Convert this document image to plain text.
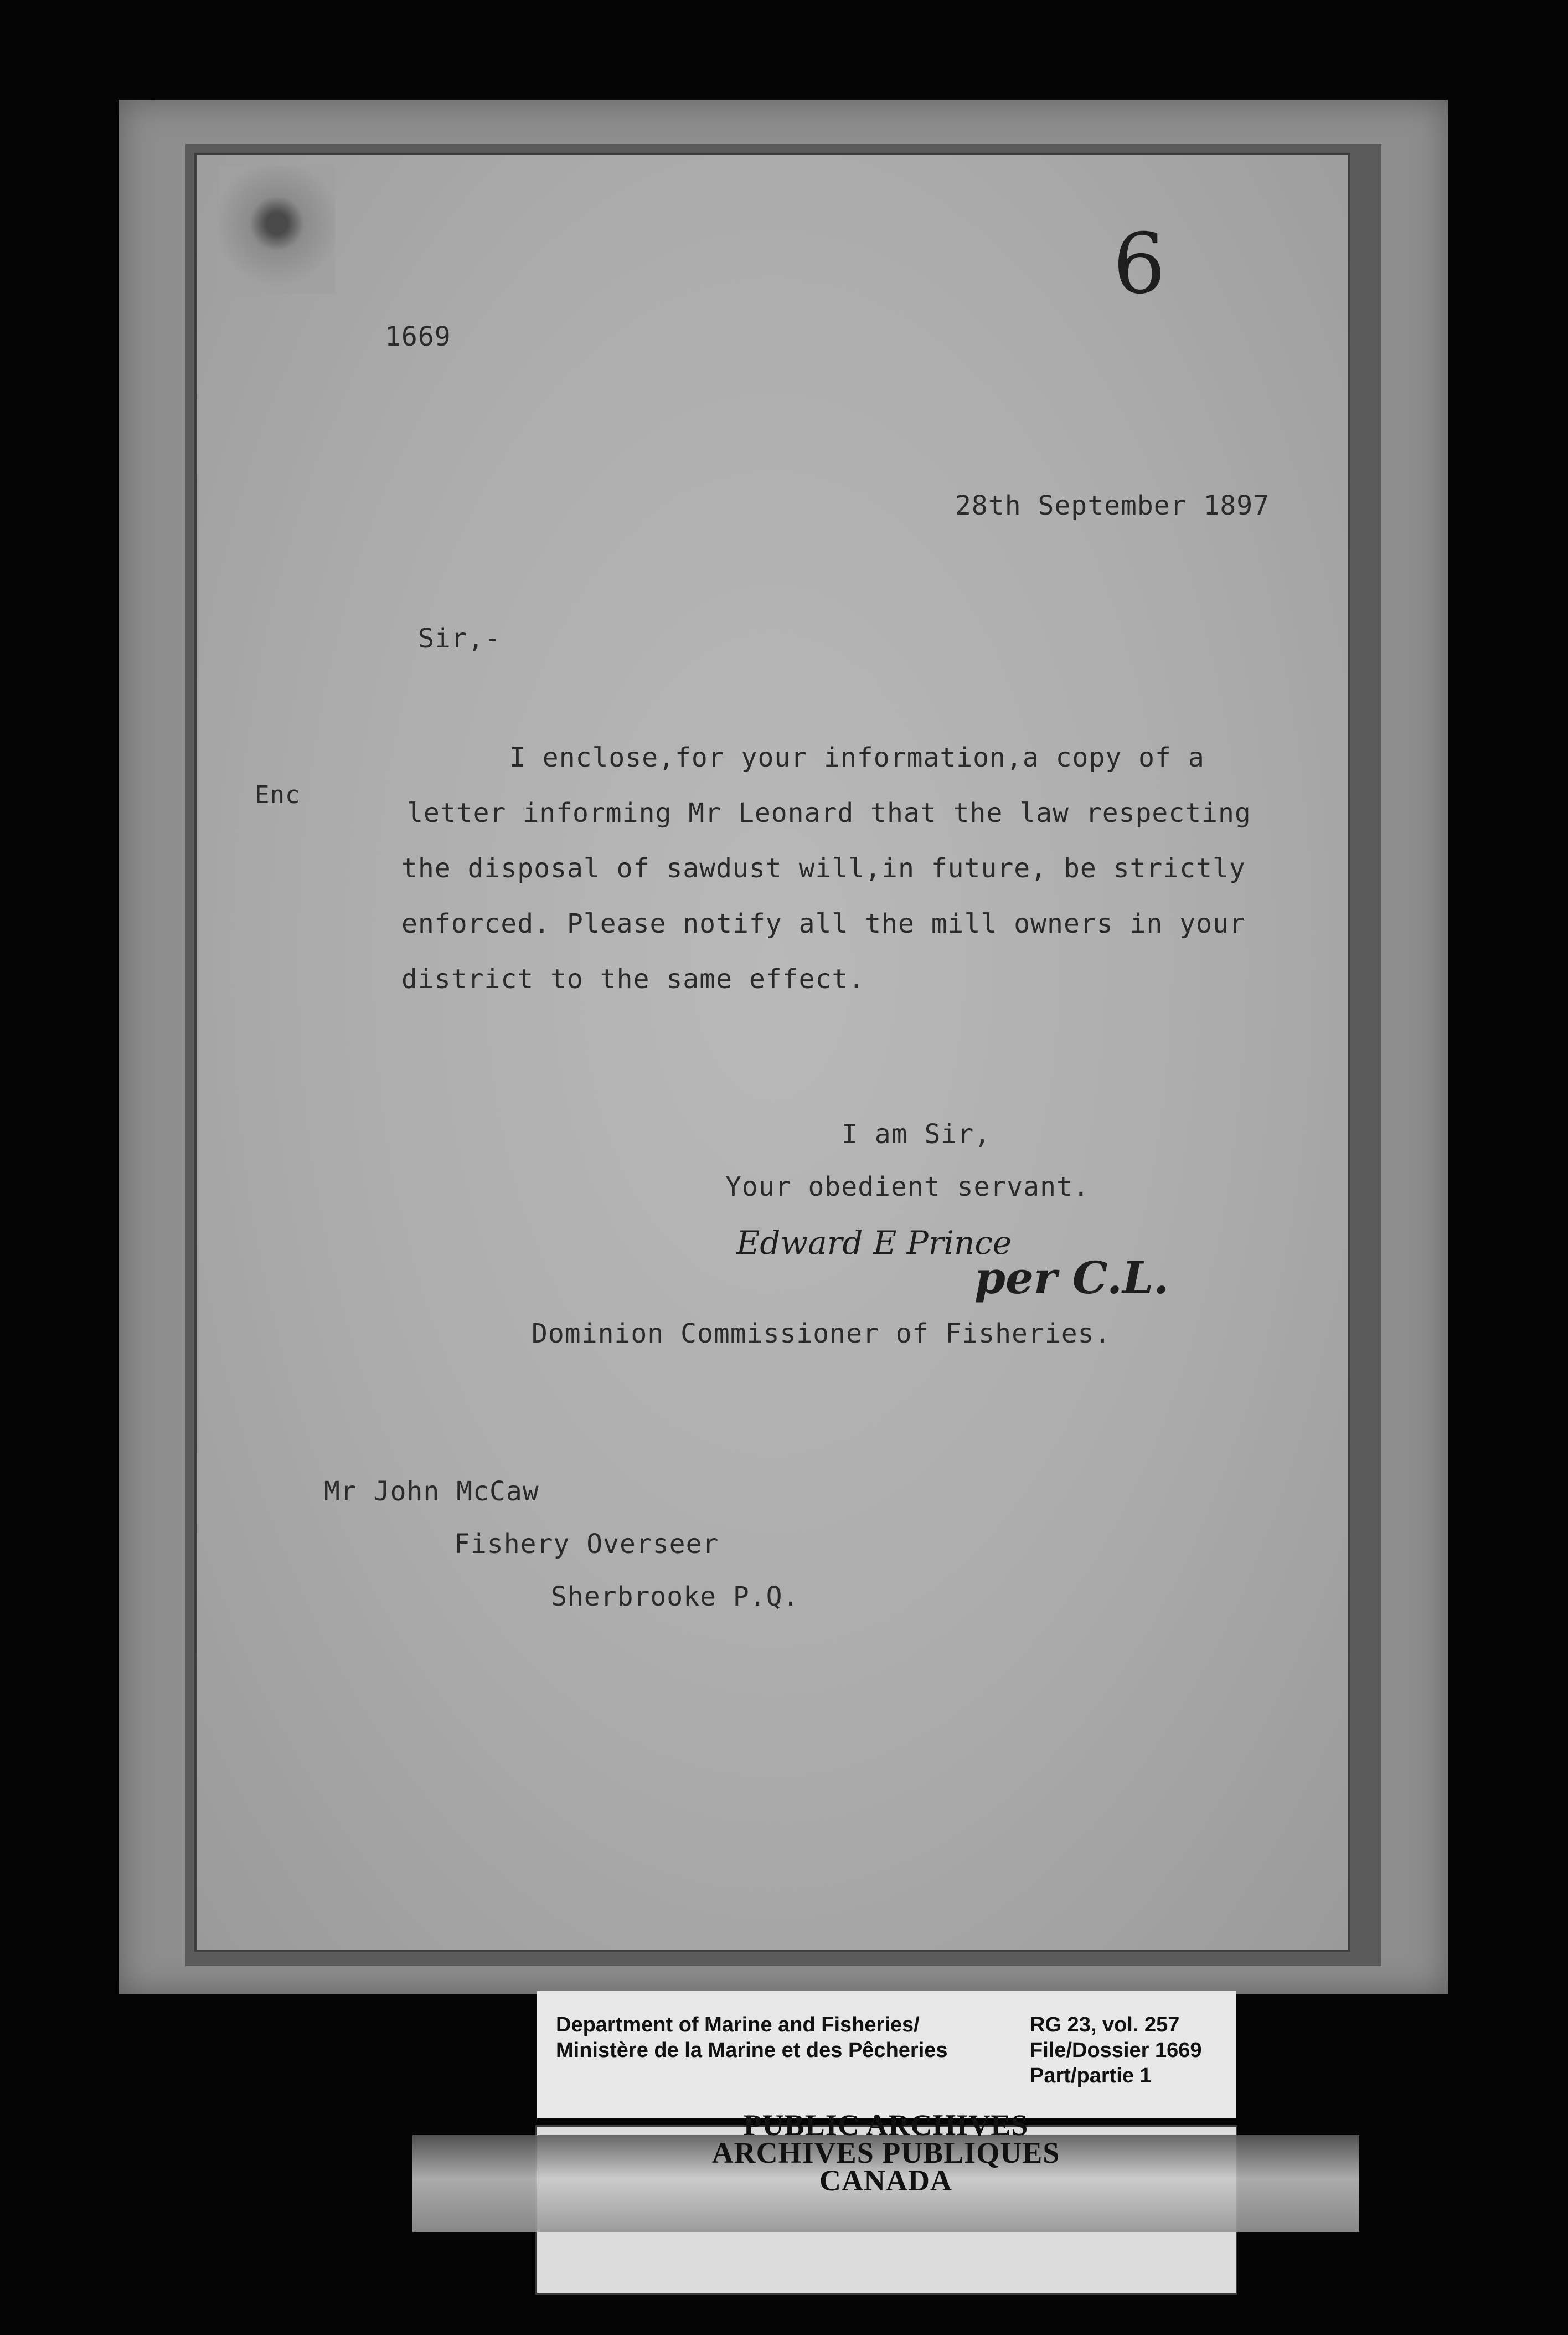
1669
6
28th September 1897
Sir,-
Enc
I enclose,for your information,a copy of a
letter informing Mr Leonard that the law respecting
the disposal of sawdust will,in future, be strictly
enforced. Please notify all the mill owners in your
district to the same effect.
I am Sir,
Your obedient servant.
Edward E Prince
per C.L.
Dominion Commissioner of Fisheries.
Mr John McCaw
Fishery Overseer
Sherbrooke P.Q.
Department of Marine and Fisheries/
Ministère de la Marine et des Pêcheries
RG 23, vol. 257
File/Dossier 1669
Part/partie 1
PUBLIC ARCHIVES
ARCHIVES PUBLIQUES
CANADA
